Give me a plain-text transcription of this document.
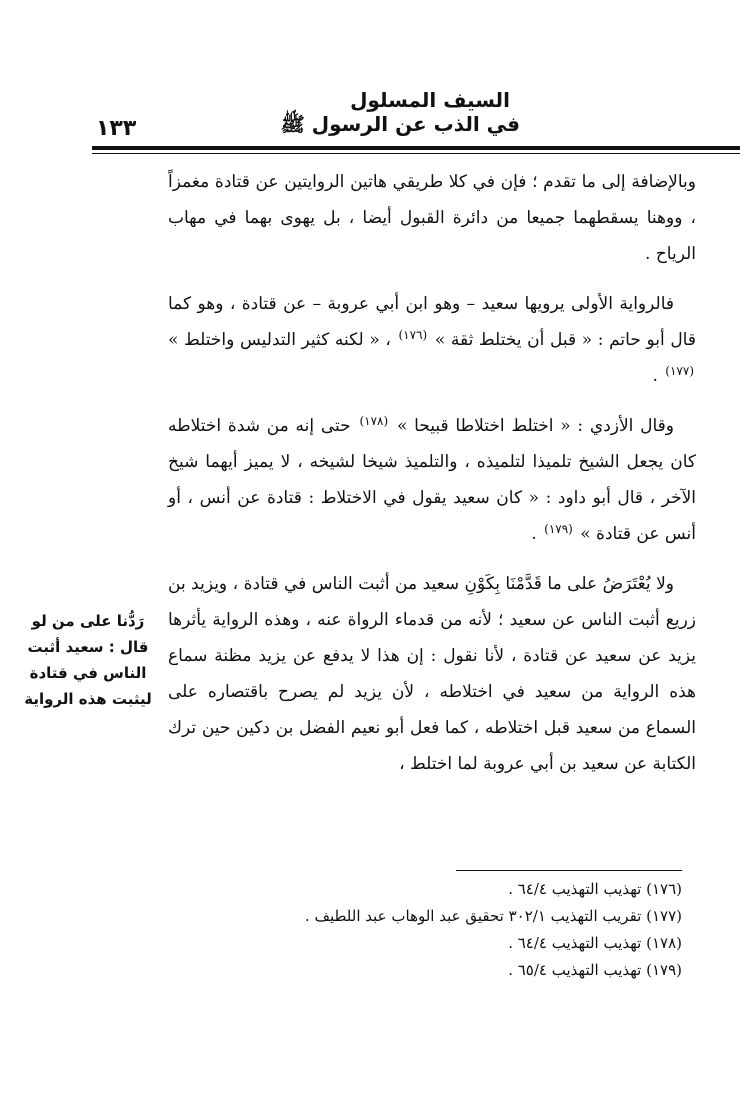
السيف المسلول
في الذب عن الرسول ﷺ
١٣٣

وبالإضافة إلى ما تقدم ؛ فإن في كلا طريقي هاتين الروايتين عن قتادة مغمزاً ، ووهنا يسقطهما جميعا من دائرة القبول أيضا ، بل يهوى بهما في مهاب الرياح .

فالرواية الأولى يرويها سعيد – وهو ابن أبي عروبة – عن قتادة ، وهو كما قال أبو حاتم : « قبل أن يختلط ثقة » $^{(١٧٦)}$ ، « لكنه كثير التدليس واختلط » $^{(١٧٧)}$ .

وقال الأزدي : « اختلط اختلاطا قبيحا » $^{(١٧٨)}$ حتى إنه من شدة اختلاطه كان يجعل الشيخ تلميذا لتلميذه ، والتلميذ شيخا لشيخه ، لا يميز أيهما شيخ الآخر ، قال أبو داود : « كان سعيد يقول في الاختلاط : قتادة عن أنس ، أو أنس عن قتادة » $^{(١٧٩)}$ .

ولا يُعْتَرَضُ على ما قَدَّمْنَا بِكَوْنِ سعيد من أثبت الناس في قتادة ، ويزيد بن زريع أثبت الناس عن سعيد ؛ لأنه من قدماء الرواة عنه ، وهذه الرواية يأثرها يزيد عن سعيد عن قتادة ، لأنا نقول : إن هذا لا يدفع عن يزيد مظنة سماع هذه الرواية من سعيد في اختلاطه ، لأن يزيد لم يصرح باقتصاره على السماع من سعيد قبل اختلاطه ، كما فعل أبو نعيم الفضل بن دكين حين ترك الكتابة عن سعيد بن أبي عروبة لما اختلط ،

رَدُّنا على من لو
قال : سعيد أثبت
الناس في قتادة
ليثبت هذه الرواية
(١٧٦) تهذيب التهذيب ٦٤/٤ .
(١٧٧) تقريب التهذيب ٣٠٢/١ تحقيق عبد الوهاب عبد اللطيف .
(١٧٨) تهذيب التهذيب ٦٤/٤ .
(١٧٩) تهذيب التهذيب ٦٥/٤ .
